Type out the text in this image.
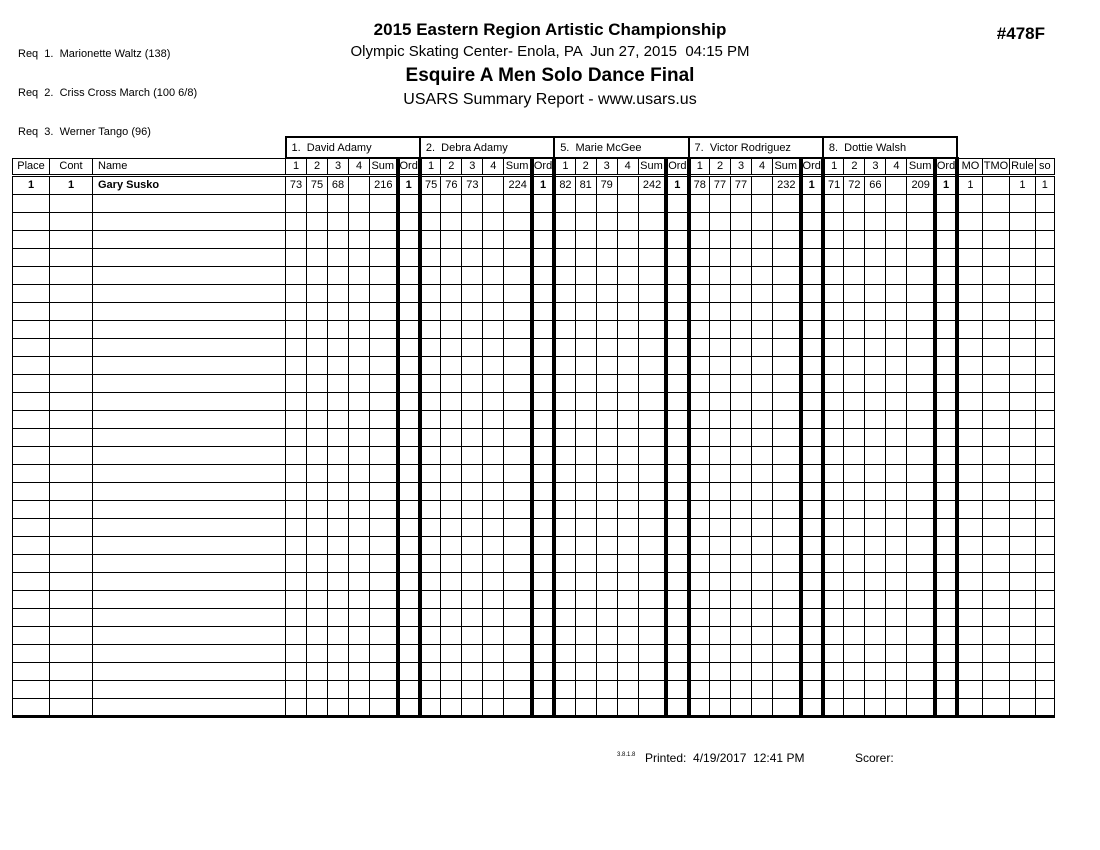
Req  1.  Marionette Waltz (138)

Req  2.  Criss Cross March (100 6/8)

Req  3.  Werner Tango (96)

2015 Eastern Region Artistic Championship
Olympic Skating Center- Enola, PA  Jun 27, 2015  04:15 PM
Esquire A Men Solo Dance Final
USARS Summary Report - www.usars.us
#478F
			1.  David Adamy						2.  Debra Adamy						5.  Marie McGee						7.  Victor Rodriguez						8.  Dottie Walsh									
Place	Cont	Name	1	2	3	4	Sum	Ord	1	2	3	4	Sum	Ord	1	2	3	4	Sum	Ord	1	2	3	4	Sum	Ord	1	2	3	4	Sum	Ord	MO	TMO	Rule	so
1	1	Gary Susko	73	75	68		216	1	75	76	73		224	1	82	81	79		242	1	78	77	77		232	1	71	72	66		209	1	1		1	1

3.8.1.8 Printed:  4/19/2017  12:41 PM	Scorer:
